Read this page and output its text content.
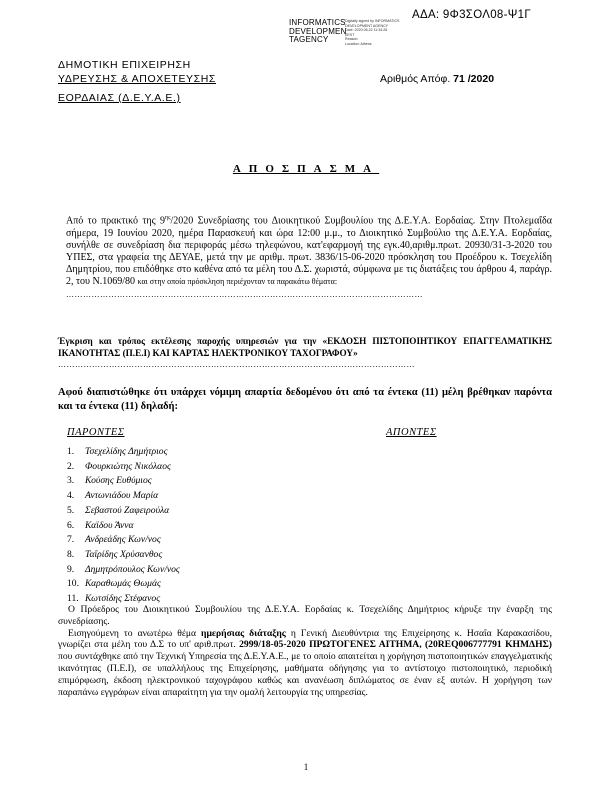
ΑΔΑ: 9Φ3ΣΟΛ08-Ψ1Γ
INFORMATICS
DEVELOPMEN
TAGENCY
Digitally signed by INFORMATICS
DEVELOPMENT AGENCY
Date: 2020.06.22 11:34:26
EEST
Reason:
Location: Athens
ΔΗΜΟΤΙΚΗ ΕΠΙΧΕΙΡΗΣΗ
ΥΔΡΕΥΣΗΣ & ΑΠΟΧΕΤΕΥΣΗΣ
ΕΟΡΔΑΙΑΣ (Δ.Ε.Υ.Α.Ε.)
Αριθμός Απόφ. 71 /2020
ΑΠΟΣΠΑΣΜΑ

Από το πρακτικό της $9^{\eta\varsigma}/2020$ Συνεδρίασης του Διοικητικού Συμβουλίου της Δ.Ε.Υ.Α. Εορδαίας. Στην Πτολεμαΐδα σήμερα, 19 Ιουνίου 2020, ημέρα Παρασκευή και ώρα 12:00 μ.μ., το Διοικητικό Συμβούλιο της Δ.Ε.Υ.Α. Εορδαίας, συνήλθε σε συνεδρίαση δια περιφοράς μέσω τηλεφώνου, κατ'εφαρμογή της εγκ.40,αριθμ.πρωτ. 20930/31-3-2020 του ΥΠΕΣ, στα γραφεία της ΔΕΥΑΕ, μετά την με αριθμ. πρωτ. 3836/15-06-2020 πρόσκληση του Προέδρου κ. Τσεχελίδη Δημητρίου, που επιδόθηκε στο καθένα από τα μέλη του Δ.Σ. χωριστά, σύμφωνα με τις διατάξεις του άρθρου 4, παράγρ. 2, του Ν.1069/80 και στην οποία πρόσκληση περιέχονταν τα παρακάτω θέματα:

………………………………………………………………………………………………………………
Έγκριση και τρόπος εκτέλεσης παροχής υπηρεσιών για την «ΕΚΔΟΣΗ ΠΙΣΤΟΠΟΙΗΤΙΚΟΥ ΕΠΑΓΓΕΛΜΑΤΙΚΗΣ ΙΚΑΝΟΤΗΤΑΣ (Π.Ε.Ι) ΚΑΙ ΚΑΡΤΑΣ ΗΛΕΚΤΡΟΝΙΚΟΥ ΤΑΧΟΓΡΑΦΟΥ»
………………………………………………………………………………………………………………
Αφού διαπιστώθηκε ότι υπάρχει νόμιμη απαρτία δεδομένου ότι από τα έντεκα (11) μέλη βρέθηκαν παρόντα και τα έντεκα (11) δηλαδή:
ΠΑΡΟΝΤΕΣ	ΑΠΟΝΤΕΣ
1. Τσεχελίδης Δημήτριος
2. Φουρκιώτης Νικόλαος
3. Κούσης Ευθύμιος
4. Αντωνιάδου Μαρία
5. Σεβαστού Ζαφειρούλα
6. Καϊδου Άννα
7. Ανδρεάδης Κων/νος
8. Ταΐρίδης Χρύσανθος
9. Δημητρόπουλος Κων/νος
10. Καραθωμάς Θωμάς
11. Κωτσίδης Στέφανος

Ο Πρόεδρος του Διοικητικού Συμβουλίου της Δ.Ε.Υ.Α. Εορδαίας κ. Τσεχελίδης Δημήτριος κήρυξε την έναρξη της συνεδρίασης.

Εισηγούμενη το ανωτέρω θέμα ημερήσιας διάταξης η Γενική Διευθύντρια της Επιχείρησης κ. Ησαΐα Καρακασίδου, γνωρίζει στα μέλη του Δ.Σ το υπ' αριθ.πρωτ. 2999/18-05-2020 ΠΡΩΤΟΓΕΝΕΣ ΑΙΤΗΜΑ, (20REQ006777791 ΚΗΜΔΗΣ) που συντάχθηκε από την Τεχνική Υπηρεσία της Δ.Ε.Υ.Α.Ε., με το οποίο απαιτείται η χορήγηση πιστοποιητικών επαγγελματικής ικανότητας (Π.Ε.Ι), σε υπαλλήλους της Επιχείρησης, μαθήματα οδήγησης για το αντίστοιχο πιστοποιητικό, περιοδική επιμόρφωση, έκδοση ηλεκτρονικού ταχογράφου καθώς και ανανέωση διπλώματος σε έναν εξ αυτών. Η χορήγηση των παραπάνω εγγράφων είναι απαραίτητη για την ομαλή λειτουργία της υπηρεσίας.

1
